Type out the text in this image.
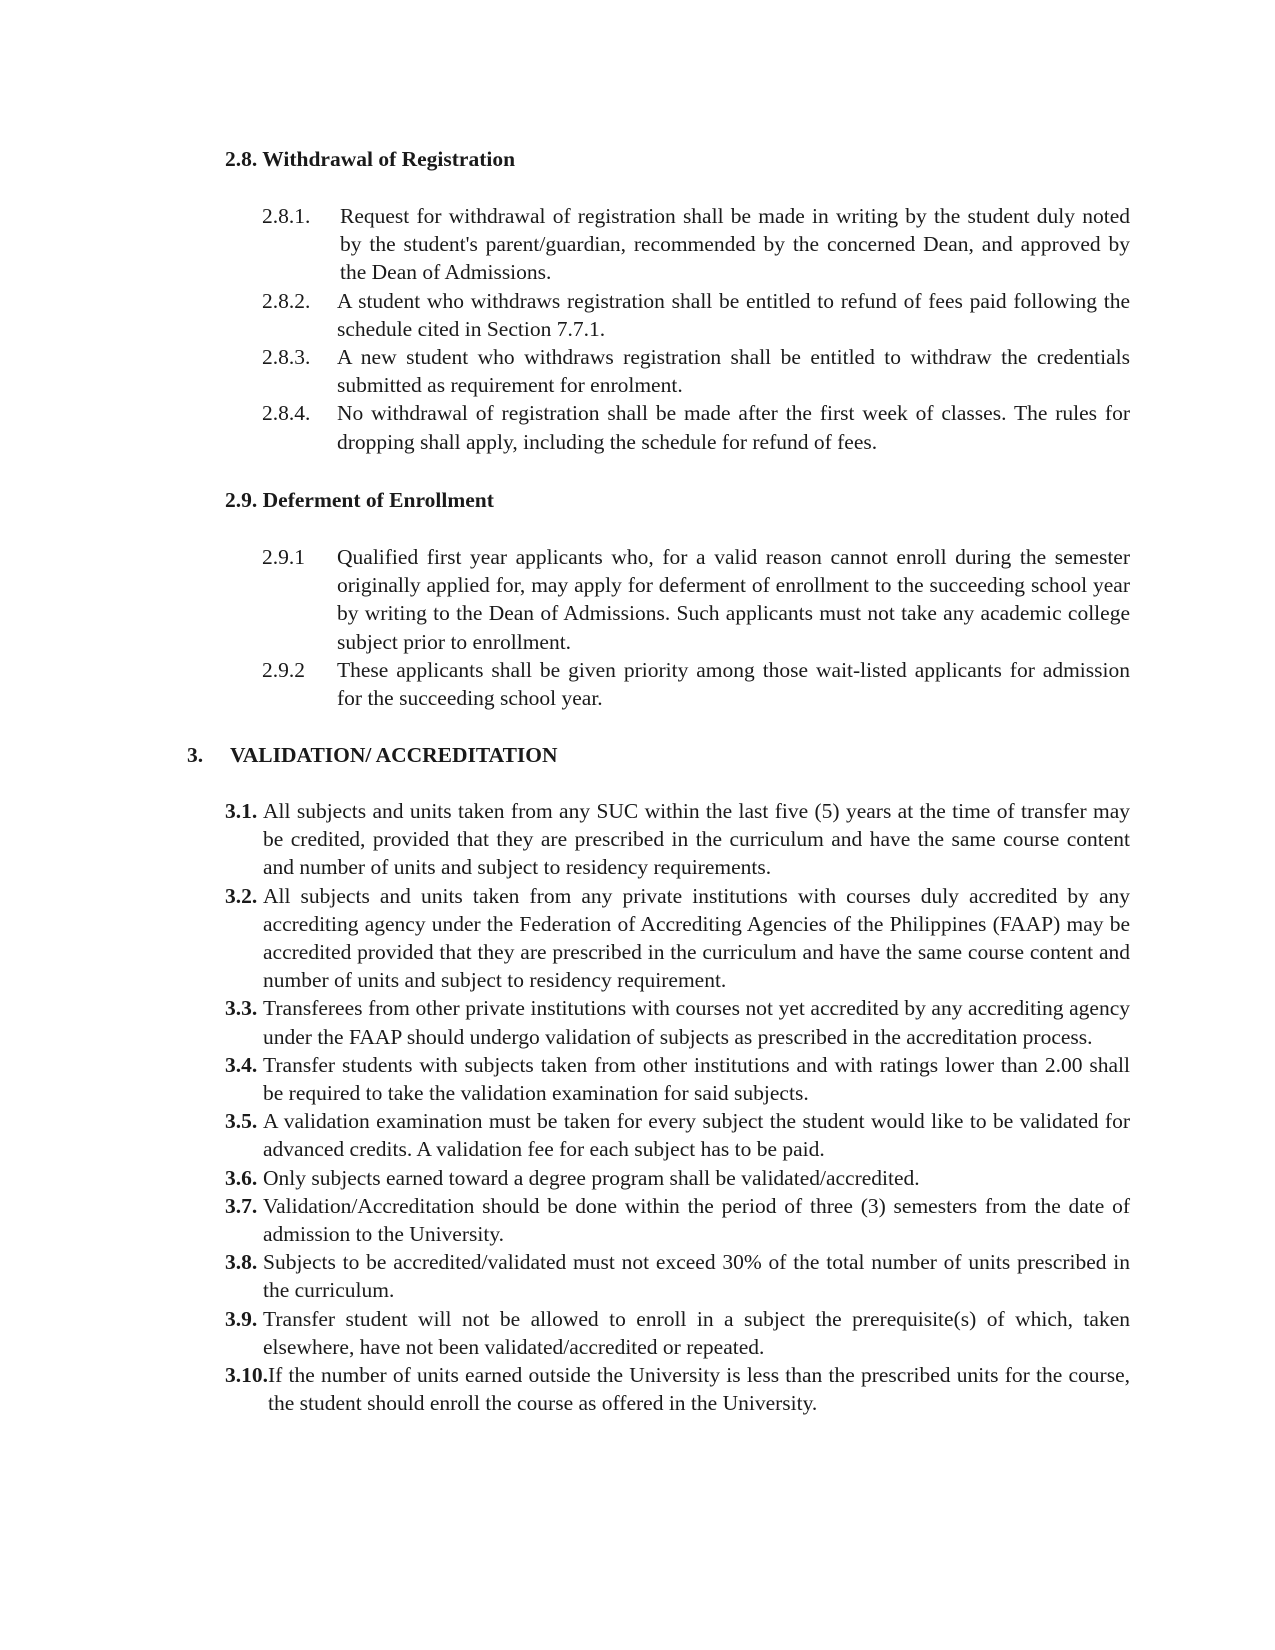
2.8. Withdrawal of Registration
2.8.1. Request for withdrawal of registration shall be made in writing by the student duly noted by the student's parent/guardian, recommended by the concerned Dean, and approved by the Dean of Admissions.
2.8.2. A student who withdraws registration shall be entitled to refund of fees paid following the schedule cited in Section 7.7.1.
2.8.3. A new student who withdraws registration shall be entitled to withdraw the credentials submitted as requirement for enrolment.
2.8.4. No withdrawal of registration shall be made after the first week of classes. The rules for dropping shall apply, including the schedule for refund of fees.
2.9. Deferment of Enrollment
2.9.1 Qualified first year applicants who, for a valid reason cannot enroll during the semester originally applied for, may apply for deferment of enrollment to the succeeding school year by writing to the Dean of Admissions. Such applicants must not take any academic college subject prior to enrollment.
2.9.2 These applicants shall be given priority among those wait-listed applicants for admission for the succeeding school year.
3. VALIDATION/ ACCREDITATION
3.1. All subjects and units taken from any SUC within the last five (5) years at the time of transfer may be credited, provided that they are prescribed in the curriculum and have the same course content and number of units and subject to residency requirements.
3.2. All subjects and units taken from any private institutions with courses duly accredited by any accrediting agency under the Federation of Accrediting Agencies of the Philippines (FAAP) may be accredited provided that they are prescribed in the curriculum and have the same course content and number of units and subject to residency requirement.
3.3. Transferees from other private institutions with courses not yet accredited by any accrediting agency under the FAAP should undergo validation of subjects as prescribed in the accreditation process.
3.4. Transfer students with subjects taken from other institutions and with ratings lower than 2.00 shall be required to take the validation examination for said subjects.
3.5. A validation examination must be taken for every subject the student would like to be validated for advanced credits. A validation fee for each subject has to be paid.
3.6. Only subjects earned toward a degree program shall be validated/accredited.
3.7. Validation/Accreditation should be done within the period of three (3) semesters from the date of admission to the University.
3.8. Subjects to be accredited/validated must not exceed 30% of the total number of units prescribed in the curriculum.
3.9. Transfer student will not be allowed to enroll in a subject the prerequisite(s) of which, taken elsewhere, have not been validated/accredited or repeated.
3.10. If the number of units earned outside the University is less than the prescribed units for the course, the student should enroll the course as offered in the University.
